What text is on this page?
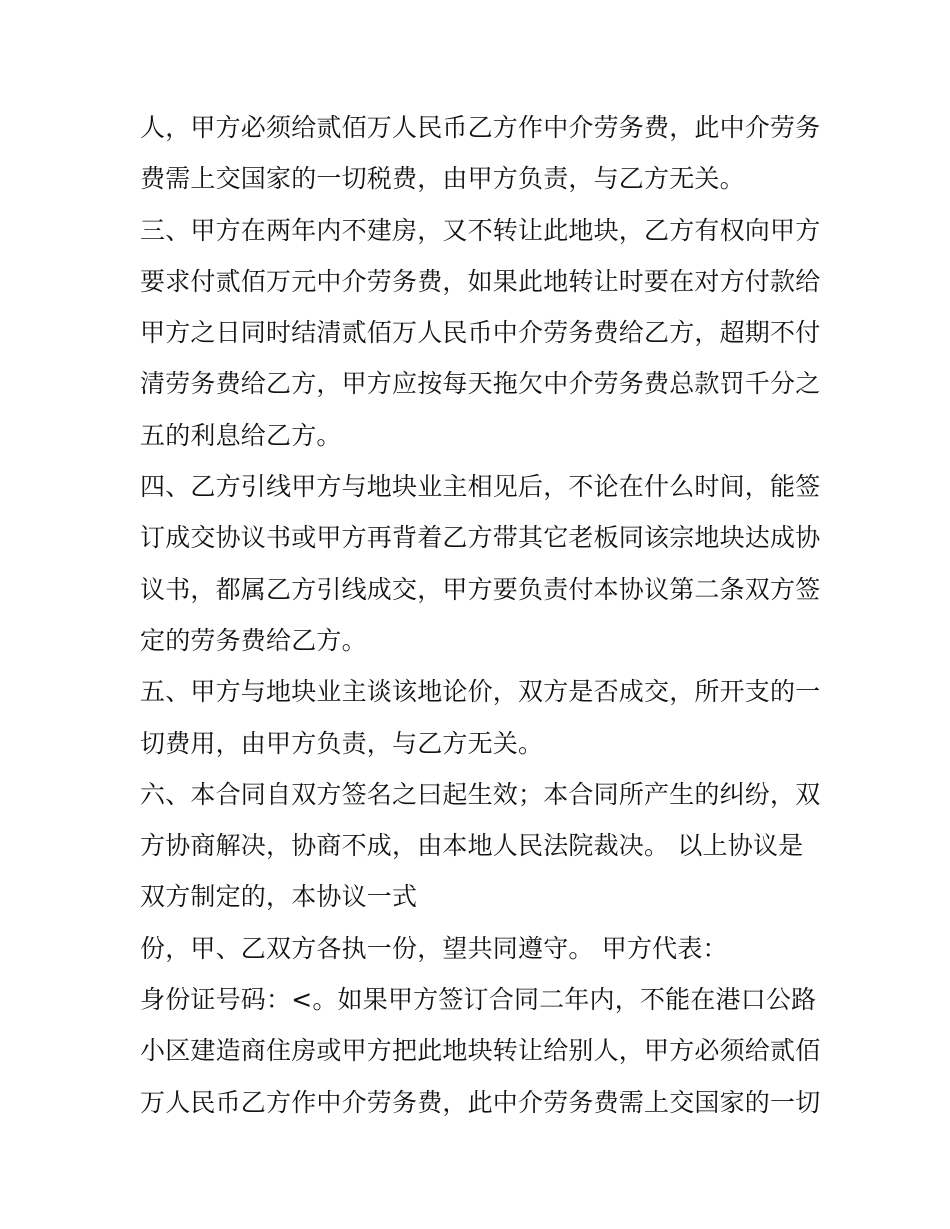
人，甲方必须给贰佰万人民币乙方作中介劳务费，此中介劳务
费需上交国家的一切税费，由甲方负责，与乙方无关。
三、甲方在两年内不建房，又不转让此地块，乙方有权向甲方
要求付贰佰万元中介劳务费，如果此地转让时要在对方付款给
甲方之日同时结清贰佰万人民币中介劳务费给乙方，超期不付
清劳务费给乙方，甲方应按每天拖欠中介劳务费总款罚千分之
五的利息给乙方。
四、乙方引线甲方与地块业主相见后，不论在什么时间，能签
订成交协议书或甲方再背着乙方带其它老板同该宗地块达成协
议书，都属乙方引线成交，甲方要负责付本协议第二条双方签
定的劳务费给乙方。
五、甲方与地块业主谈该地论价，双方是否成交，所开支的一
切费用，由甲方负责，与乙方无关。
六、本合同自双方签名之曰起生效；本合同所产生的纠纷，双
方协商解决，协商不成，由本地人民法院裁决。 以上协议是
双方制定的，本协议一式
份，甲、乙双方各执一份，望共同遵守。 甲方代表：
身份证号码：<。如果甲方签订合同二年内，不能在港口公路
小区建造商住房或甲方把此地块转让给别人，甲方必须给贰佰
万人民币乙方作中介劳务费，此中介劳务费需上交国家的一切
